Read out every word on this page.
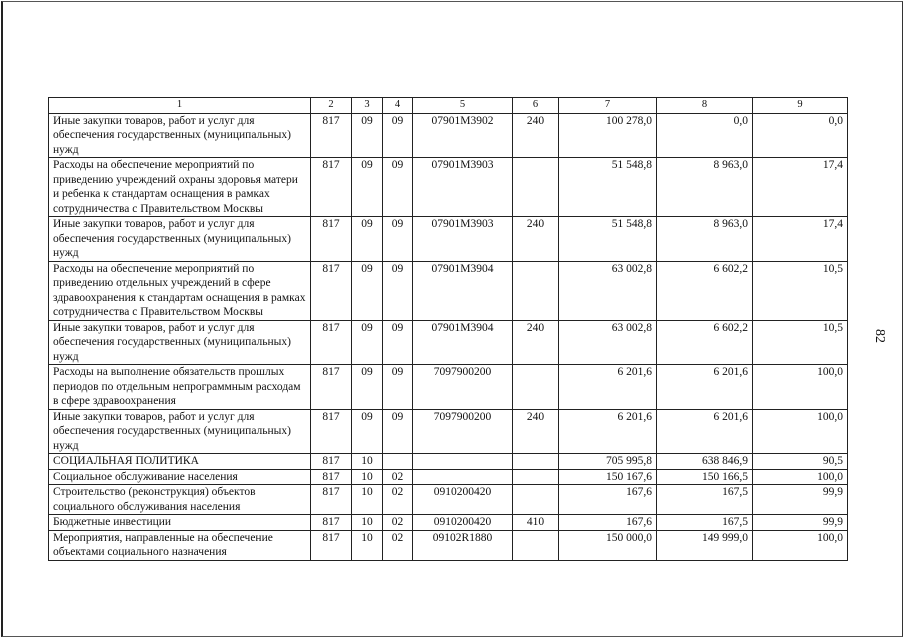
1	2	3	4	5	6	7	8	9
Иные закупки товаров, работ и услуг для обеспечения государственных (муниципальных) нужд	817	09	09	07901M3902	240	100 278,0	0,0	0,0
Расходы на обеспечение мероприятий по приведению учреждений охраны здоровья матери и ребенка к стандартам оснащения в рамках сотрудничества с Правительством Москвы	817	09	09	07901M3903		51 548,8	8 963,0	17,4
Иные закупки товаров, работ и услуг для обеспечения государственных (муниципальных) нужд	817	09	09	07901M3903	240	51 548,8	8 963,0	17,4
Расходы на обеспечение мероприятий по приведению отдельных учреждений в сфере здравоохранения к стандартам оснащения в рамках сотрудничества с Правительством Москвы	817	09	09	07901M3904		63 002,8	6 602,2	10,5
Иные закупки товаров, работ и услуг для обеспечения государственных (муниципальных) нужд	817	09	09	07901M3904	240	63 002,8	6 602,2	10,5
Расходы на выполнение обязательств прошлых периодов по отдельным непрограммным расходам в сфере здравоохранения	817	09	09	7097900200		6 201,6	6 201,6	100,0
Иные закупки товаров, работ и услуг для обеспечения государственных (муниципальных) нужд	817	09	09	7097900200	240	6 201,6	6 201,6	100,0
СОЦИАЛЬНАЯ ПОЛИТИКА	817	10				705 995,8	638 846,9	90,5
Социальное обслуживание населения	817	10	02			150 167,6	150 166,5	100,0
Строительство (реконструкция) объектов социального обслуживания населения	817	10	02	0910200420		167,6	167,5	99,9
Бюджетные инвестиции	817	10	02	0910200420	410	167,6	167,5	99,9
Мероприятия, направленные на обеспечение объектами социального назначения	817	10	02	09102R1880		150 000,0	149 999,0	100,0
82
